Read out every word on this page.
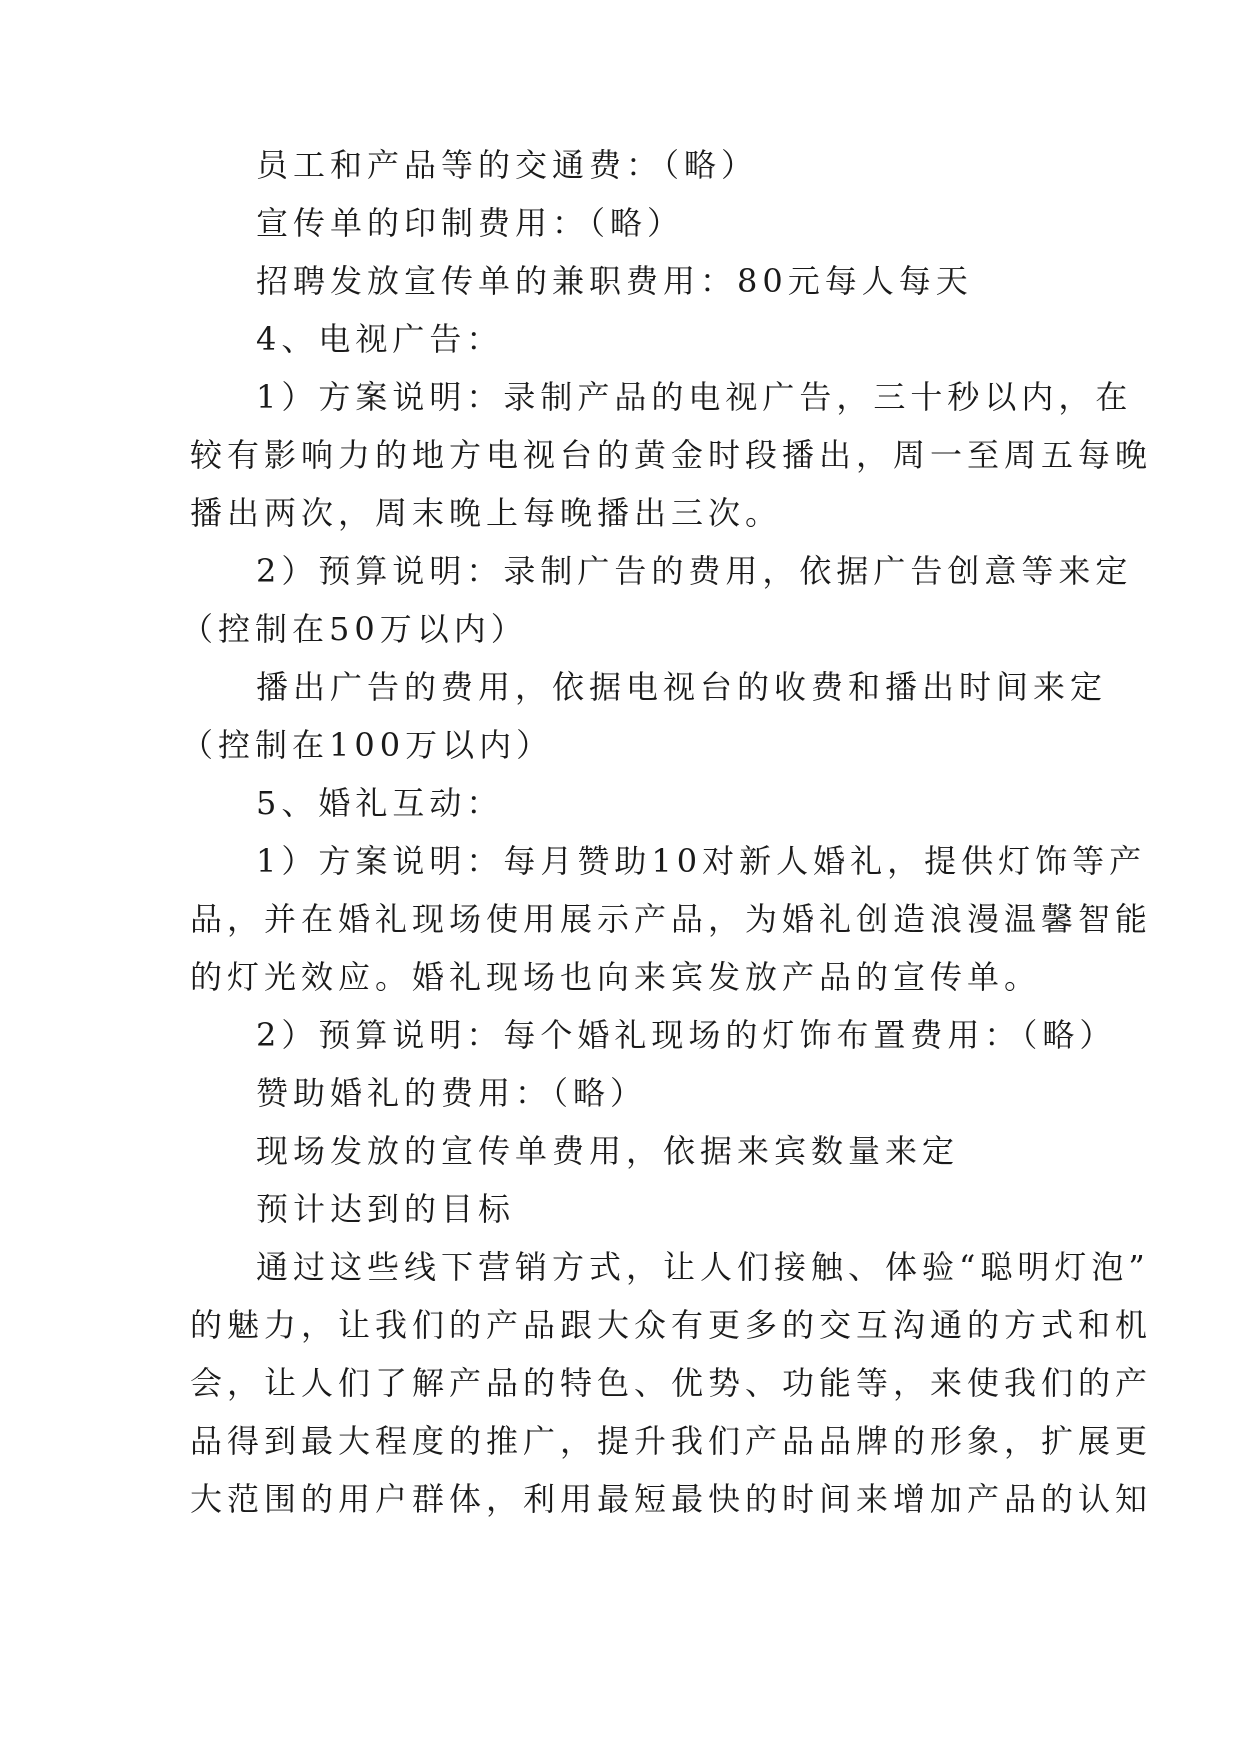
员工和产品等的交通费：（略）

宣传单的印制费用：（略）

招聘发放宣传单的兼职费用：80元每人每天

4、电视广告：

1）方案说明：录制产品的电视广告，三十秒以内，在

较有影响力的地方电视台的黄金时段播出，周一至周五每晚

播出两次，周末晚上每晚播出三次。

2）预算说明：录制广告的费用，依据广告创意等来定

（控制在50万以内）

播出广告的费用，依据电视台的收费和播出时间来定

（控制在100万以内）

5、婚礼互动：

1）方案说明：每月赞助10对新人婚礼，提供灯饰等产

品，并在婚礼现场使用展示产品，为婚礼创造浪漫温馨智能

的灯光效应。婚礼现场也向来宾发放产品的宣传单。

2）预算说明：每个婚礼现场的灯饰布置费用：（略）

赞助婚礼的费用：（略）

现场发放的宣传单费用，依据来宾数量来定

预计达到的目标

通过这些线下营销方式，让人们接触、体验“聪明灯泡”

的魅力，让我们的产品跟大众有更多的交互沟通的方式和机

会，让人们了解产品的特色、优势、功能等，来使我们的产

品得到最大程度的推广，提升我们产品品牌的形象，扩展更

大范围的用户群体，利用最短最快的时间来增加产品的认知
